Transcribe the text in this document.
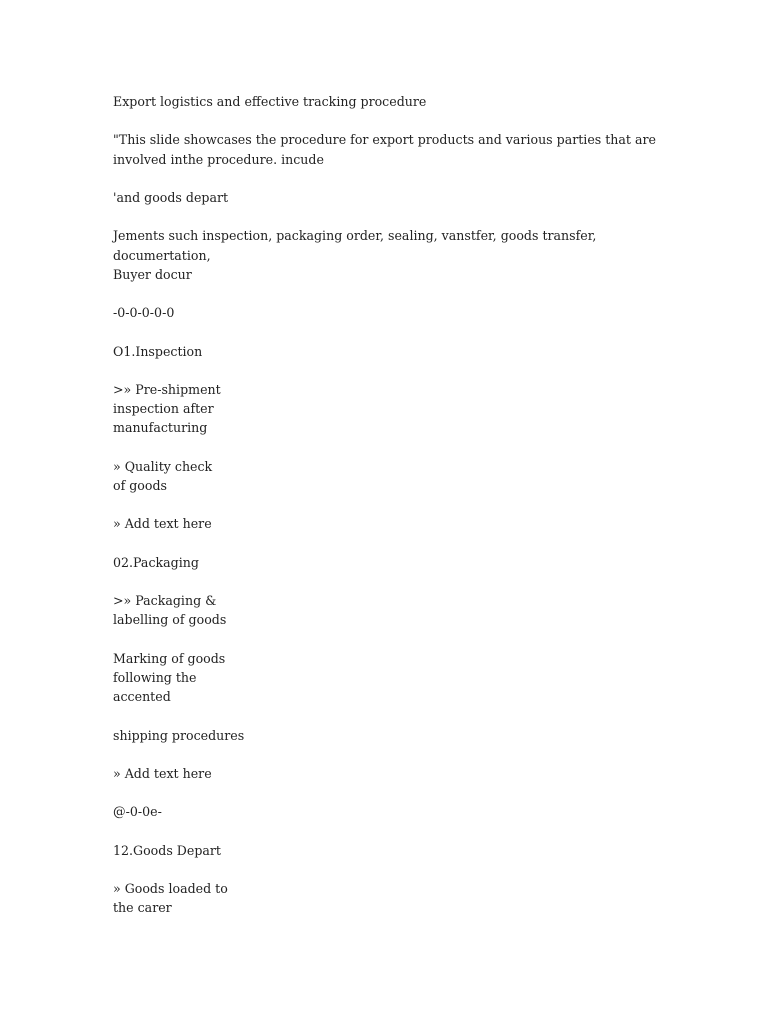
Export logistics and effective tracking procedure

"This slide showcases the procedure for export products and various parties that are
involved inthe procedure. incude

'and goods depart

Jements such inspection, packaging order, sealing, vanstfer, goods transfer, documertation,
Buyer docur

-0-0-0-0-0

O1.Inspection

>» Pre-shipment
inspection after
manufacturing

» Quality check
of goods

» Add text here

02.Packaging

>» Packaging &
labelling of goods

Marking of goods
following the
accented

shipping procedures

» Add text here

@-0-0e-

12.Goods Depart

» Goods loaded to
the carer
